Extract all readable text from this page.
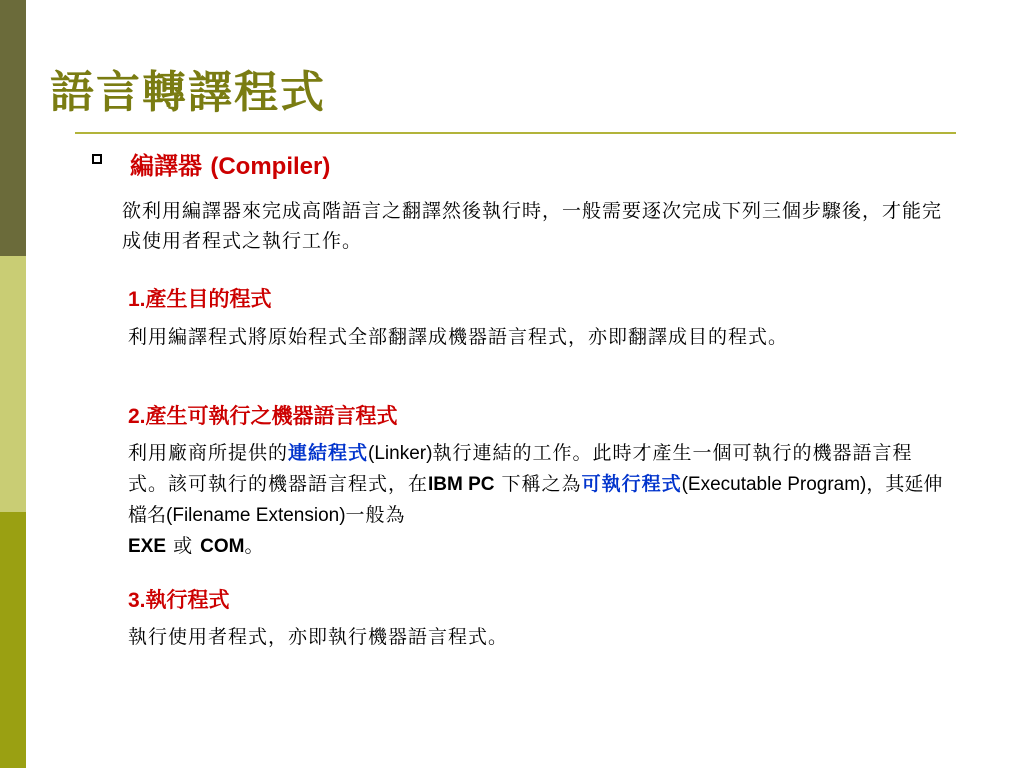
語言轉譯程式
編譯器 (Compiler)

欲利用編譯器來完成高階語言之翻譯然後執行時，一般需要逐次完成下列三個步驟後，才能完成使用者程式之執行工作。

1.產生目的程式

利用編譯程式將原始程式全部翻譯成機器語言程式，亦即翻譯成目的程式。

2.產生可執行之機器語言程式

利用廠商所提供的連結程式(Linker)執行連結的工作。此時才產生一個可執行的機器語言程式。該可執行的機器語言程式，在IBM PC 下稱之為可執行程式(Executable Program)，其延伸檔名(Filename Extension)一般為
EXE 或 COM。

3.執行程式

執行使用者程式，亦即執行機器語言程式。
